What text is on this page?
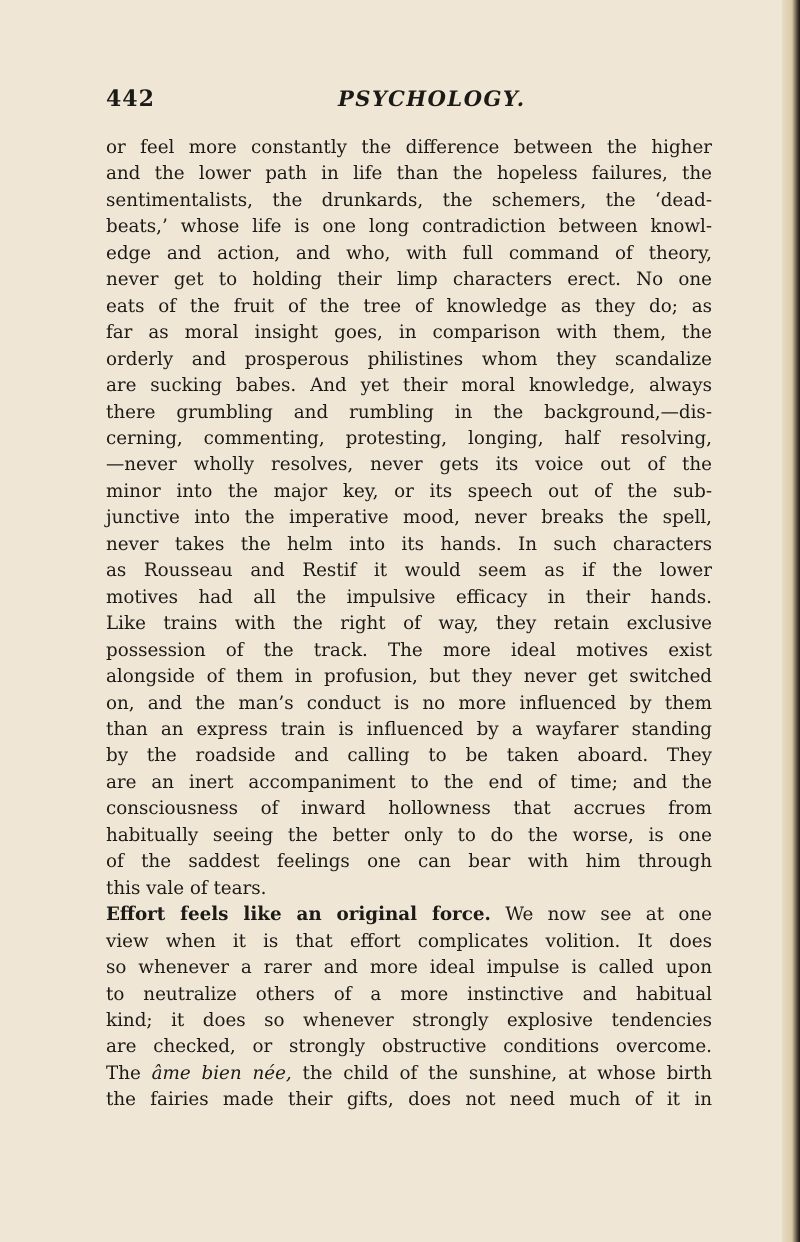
442	PSYCHOLOGY.
or feel more constantly the difference between the higher
and the lower path in life than the hopeless failures, the
sentimentalists, the drunkards, the schemers, the ‘dead-
beats,’ whose life is one long contradiction between knowl-
edge and action, and who, with full command of theory,
never get to holding their limp characters erect. No one
eats of the fruit of the tree of knowledge as they do; as
far as moral insight goes, in comparison with them, the
orderly and prosperous philistines whom they scandalize
are sucking babes. And yet their moral knowledge, always
there grumbling and rumbling in the background,—dis-
cerning, commenting, protesting, longing, half resolving,
—never wholly resolves, never gets its voice out of the
minor into the major key, or its speech out of the sub-
junctive into the imperative mood, never breaks the spell,
never takes the helm into its hands. In such characters
as Rousseau and Restif it would seem as if the lower
motives had all the impulsive efficacy in their hands.
Like trains with the right of way, they retain exclusive
possession of the track. The more ideal motives exist
alongside of them in profusion, but they never get switched
on, and the man’s conduct is no more influenced by them
than an express train is influenced by a wayfarer standing
by the roadside and calling to be taken aboard. They
are an inert accompaniment to the end of time; and the
consciousness of inward hollowness that accrues from
habitually seeing the better only to do the worse, is one
of the saddest feelings one can bear with him through
this vale of tears.
Effort feels like an original force. We now see at one
view when it is that effort complicates volition. It does
so whenever a rarer and more ideal impulse is called upon
to neutralize others of a more instinctive and habitual
kind; it does so whenever strongly explosive tendencies
are checked, or strongly obstructive conditions overcome.
The âme bien née, the child of the sunshine, at whose birth
the fairies made their gifts, does not need much of it in
